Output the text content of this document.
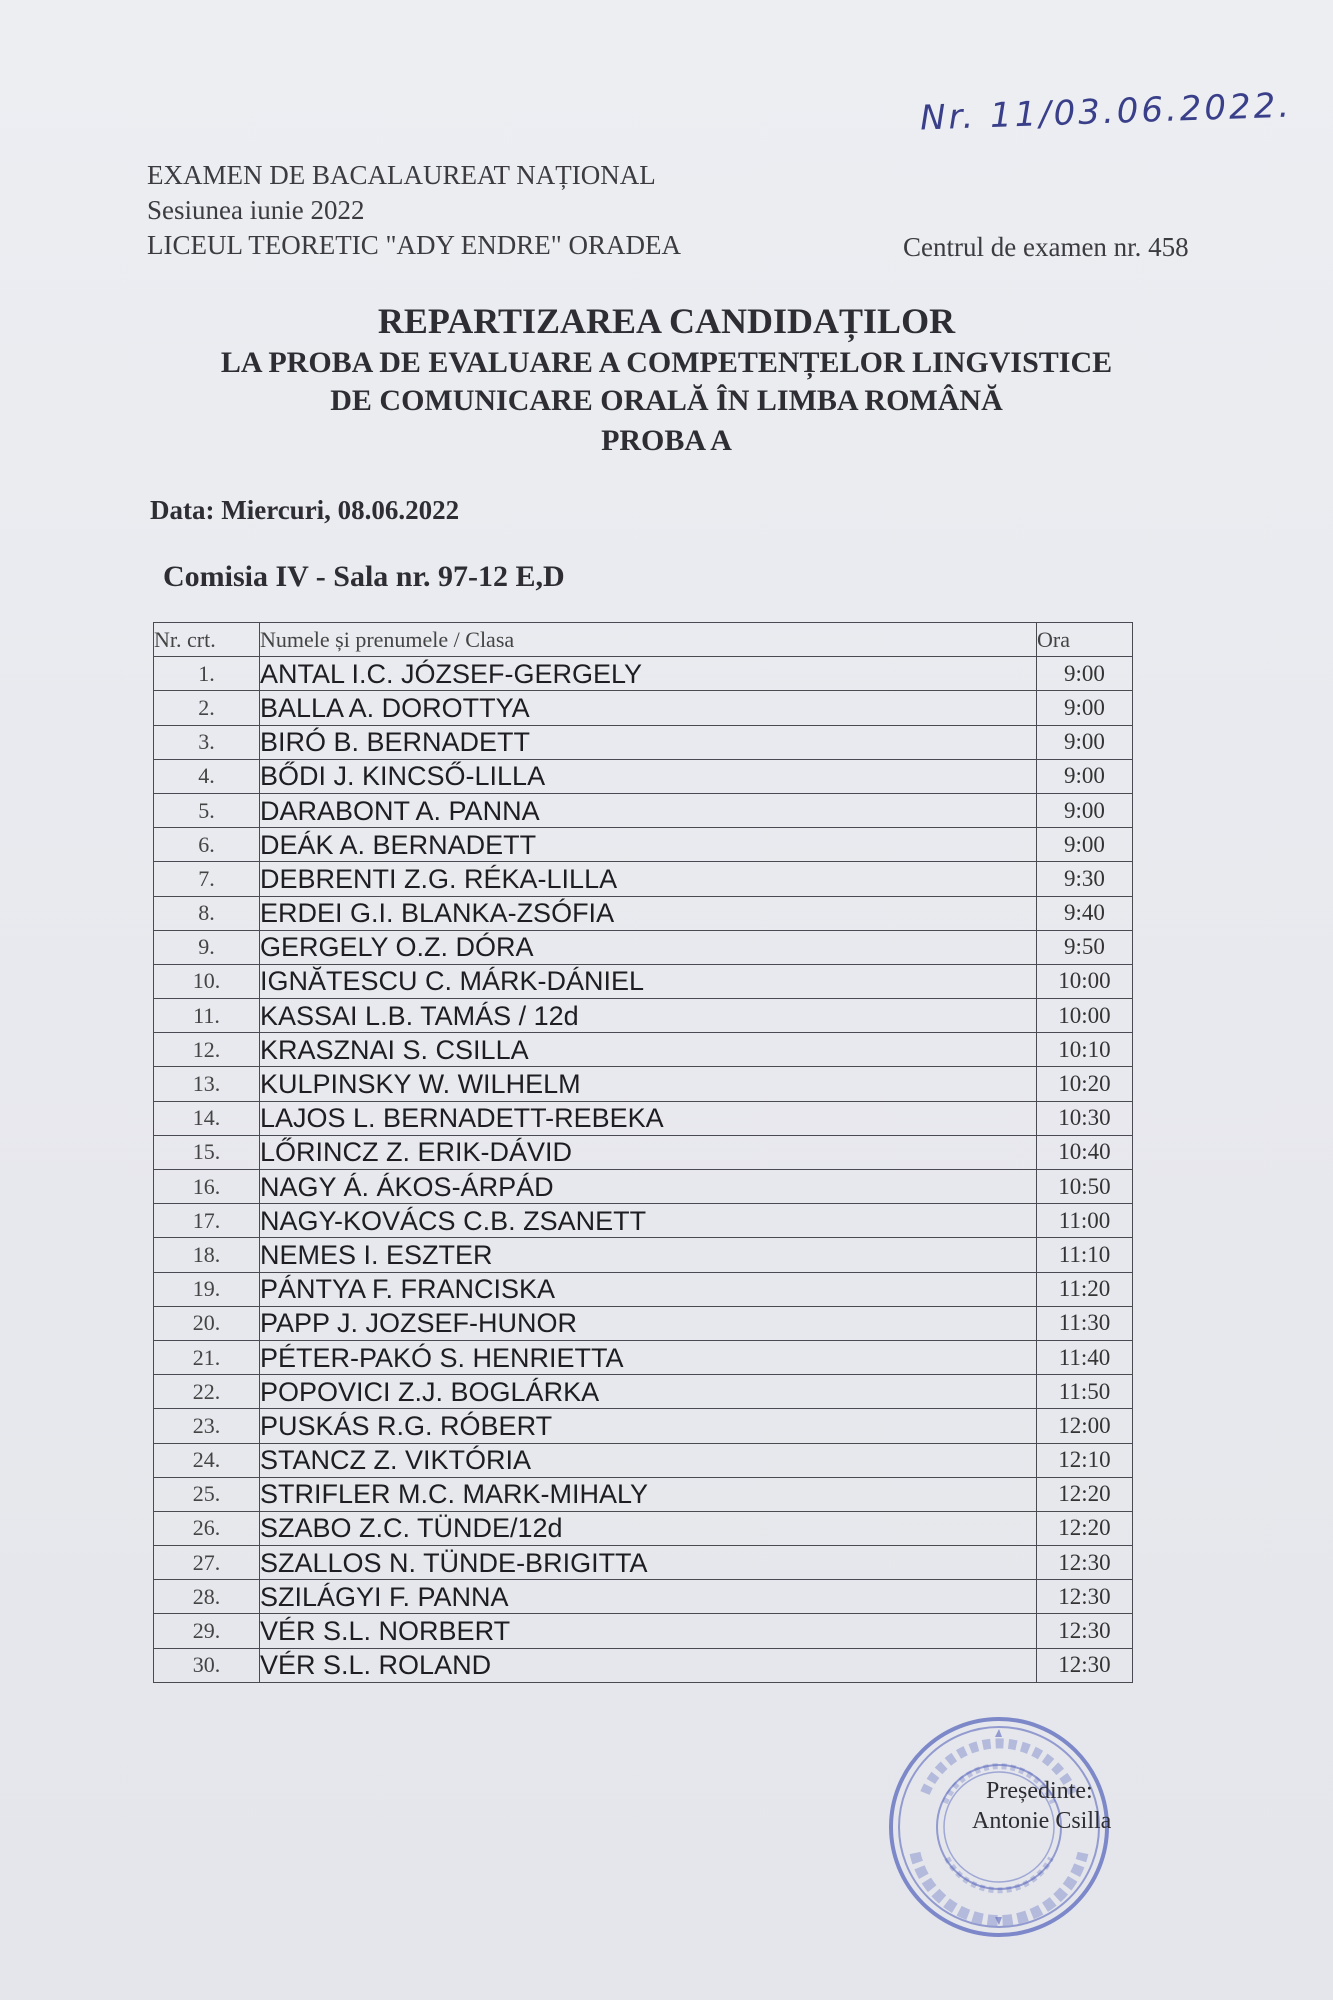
Nr. 11/03.06.2022.
EXAMEN DE BACALAUREAT NAȚIONAL
Sesiunea iunie 2022
LICEUL TEORETIC "ADY ENDRE" ORADEA	Centrul de examen nr. 458
REPARTIZAREA CANDIDAȚILOR
LA PROBA DE EVALUARE A COMPETENȚELOR LINGVISTICE
DE COMUNICARE ORALĂ ÎN LIMBA ROMÂNĂ
PROBA A
Data: Miercuri, 08.06.2022
Comisia IV - Sala nr. 97-12 E,D
Nr. crt.	Numele și prenumele / Clasa	Ora
1.	ANTAL I.C. JÓZSEF-GERGELY	9:00
2.	BALLA A. DOROTTYA	9:00
3.	BIRÓ B. BERNADETT	9:00
4.	BŐDI J. KINCSŐ-LILLA	9:00
5.	DARABONT A. PANNA	9:00
6.	DEÁK A. BERNADETT	9:00
7.	DEBRENTI Z.G. RÉKA-LILLA	9:30
8.	ERDEI G.I. BLANKA-ZSÓFIA	9:40
9.	GERGELY O.Z. DÓRA	9:50
10.	IGNĂTESCU C. MÁRK-DÁNIEL	10:00
11.	KASSAI L.B. TAMÁS / 12d	10:00
12.	KRASZNAI S. CSILLA	10:10
13.	KULPINSKY W. WILHELM	10:20
14.	LAJOS L. BERNADETT-REBEKA	10:30
15.	LŐRINCZ Z. ERIK-DÁVID	10:40
16.	NAGY Á. ÁKOS-ÁRPÁD	10:50
17.	NAGY-KOVÁCS C.B. ZSANETT	11:00
18.	NEMES I. ESZTER	11:10
19.	PÁNTYA F. FRANCISKA	11:20
20.	PAPP J. JOZSEF-HUNOR	11:30
21.	PÉTER-PAKÓ S. HENRIETTA	11:40
22.	POPOVICI Z.J. BOGLÁRKA	11:50
23.	PUSKÁS R.G. RÓBERT	12:00
24.	STANCZ Z. VIKTÓRIA	12:10
25.	STRIFLER M.C. MARK-MIHALY	12:20
26.	SZABO Z.C. TÜNDE/12d	12:20
27.	SZALLOS N. TÜNDE-BRIGITTA	12:30
28.	SZILÁGYI F. PANNA	12:30
29.	VÉR S.L. NORBERT	12:30
30.	VÉR S.L. ROLAND	12:30
Președinte:
Antonie Csilla
